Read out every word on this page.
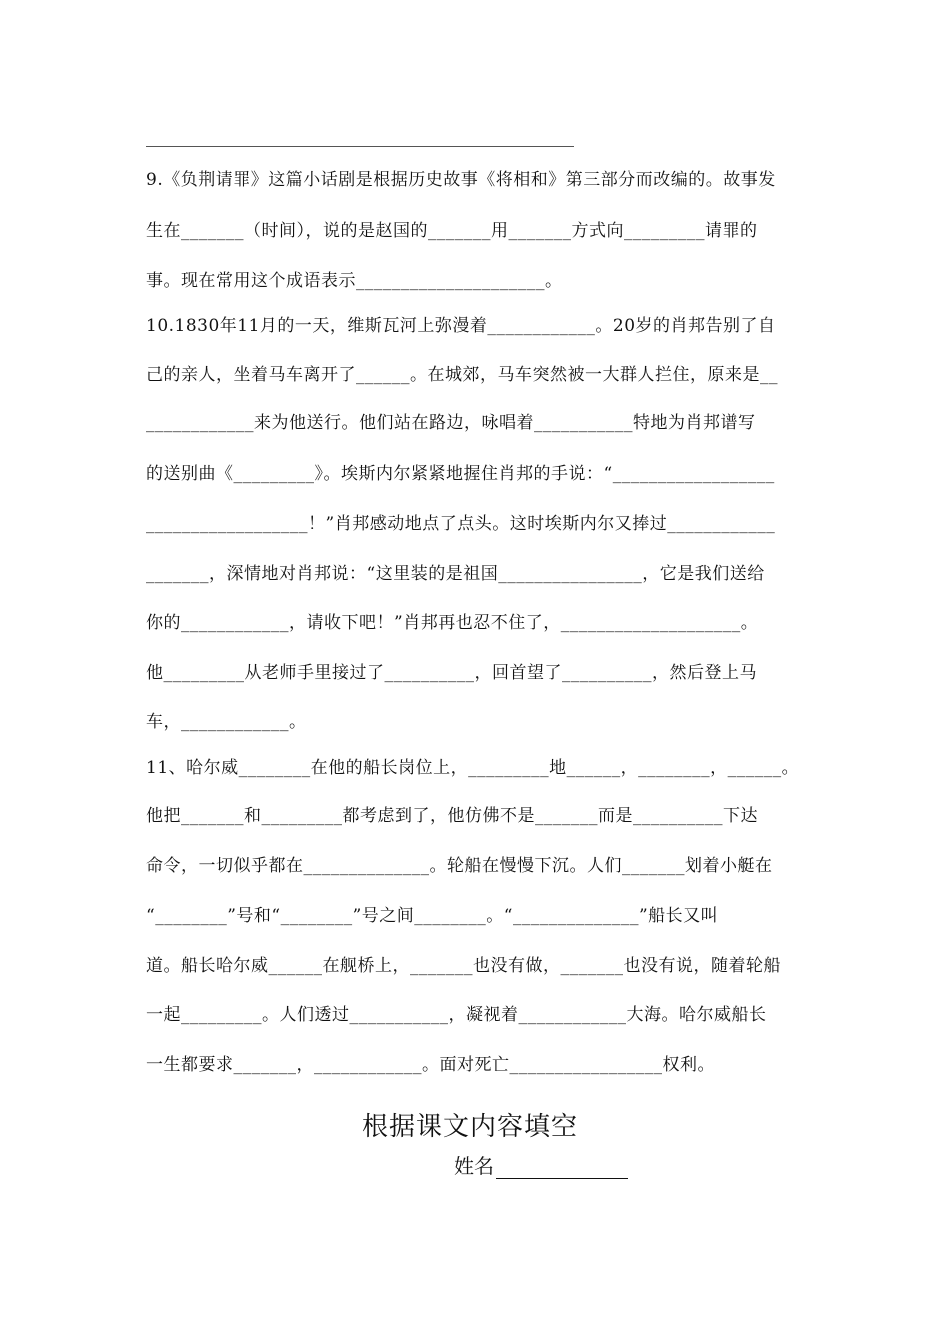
9.《负荆请罪》这篇小话剧是根据历史故事《将相和》第三部分而改编的。故事发
生在_______（时间），说的是赵国的_______用_______方式向_________请罪的
事。现在常用这个成语表示_____________________。
10.1830年11月的一天，维斯瓦河上弥漫着____________。20岁的肖邦告别了自
己的亲人，坐着马车离开了______。在城郊，马车突然被一大群人拦住，原来是__
____________来为他送行。他们站在路边，咏唱着___________特地为肖邦谱写
的送别曲《_________》。埃斯内尔紧紧地握住肖邦的手说：“__________________
__________________！”肖邦感动地点了点头。这时埃斯内尔又捧过____________
_______，深情地对肖邦说：“这里装的是祖国________________，它是我们送给
你的____________，请收下吧！”肖邦再也忍不住了，____________________。
他_________从老师手里接过了__________，回首望了__________，然后登上马
车，____________。
11、哈尔威________在他的船长岗位上，_________地______，________，______。
他把_______和_________都考虑到了，他仿佛不是_______而是__________下达
命令，一切似乎都在______________。轮船在慢慢下沉。人们_______划着小艇在
“________”号和“________”号之间________。“______________”船长又叫
道。船长哈尔威______在舰桥上，_______也没有做，_______也没有说，随着轮船
一起_________。人们透过___________，凝视着____________大海。哈尔威船长
一生都要求_______，____________。面对死亡_________________权利。
根据课文内容填空
姓名
